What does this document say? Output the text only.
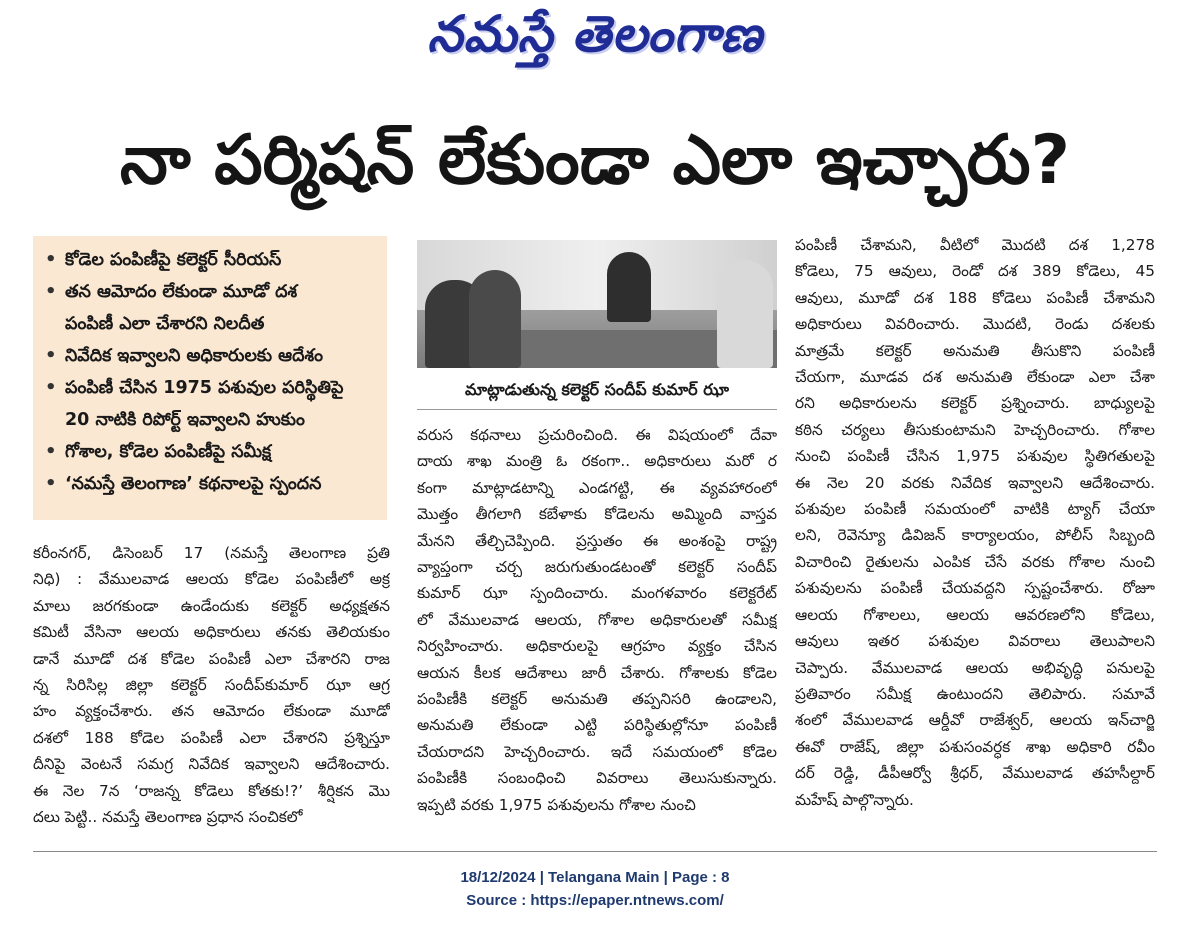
నమస్తే తెలంగాణ
నా పర్మిషన్ లేకుండా ఎలా ఇచ్చారు?
• కోడెల పంపిణీపై కలెక్టర్ సీరియస్
• తన ఆమోదం లేకుండా మూడో దశ
పంపిణీ ఎలా చేశారని నిలదీత
• నివేదిక ఇవ్వాలని అధికారులకు ఆదేశం
• పంపిణీ చేసిన 1975 పశువుల పరిస్థితిపై
20 నాటికి రిపోర్ట్ ఇవ్వాలని హుకుం
• గోశాల, కోడెల పంపిణీపై సమీక్ష
• ‘నమస్తే తెలంగాణ’ కథనాలపై స్పందన
మాట్లాడుతున్న కలెక్టర్ సందీప్ కుమార్ ఝా
కరీంనగర్, డిసెంబర్ 17 (నమస్తే తెలంగాణ ప్రతి
నిధి) : వేములవాడ ఆలయ కోడెల పంపిణీలో అక్ర
మాలు జరగకుండా ఉండేందుకు కలెక్టర్ అధ్యక్షతన
కమిటీ వేసినా ఆలయ అధికారులు తనకు తెలియకుం
డానే మూడో దశ కోడెల పంపిణీ ఎలా చేశారని రాజ
న్న సిరిసిల్ల జిల్లా కలెక్టర్ సందీప్‌కుమార్ ఝా ఆగ్ర
హం వ్యక్తంచేశారు. తన ఆమోదం లేకుండా మూడో
దశలో 188 కోడెల పంపిణీ ఎలా చేశారని ప్రశ్నిస్తూ
దీనిపై వెంటనే సమగ్ర నివేదిక ఇవ్వాలని ఆదేశించారు.
ఈ నెల 7న ‘రాజన్న కోడెలు కోతకు!?’ శీర్షికన మొ
దలు పెట్టి.. నమస్తే తెలంగాణ ప్రధాన సంచికలో
వరుస కథనాలు ప్రచురించింది. ఈ విషయంలో దేవా
దాయ శాఖ మంత్రి ఓ రకంగా.. అధికారులు మరో ర
కంగా మాట్లాడటాన్ని ఎండగట్టి, ఈ వ్యవహారంలో
మొత్తం తీగలాగి కబేళాకు కోడెలను అమ్మింది వాస్తవ
మేనని తేల్చిచెప్పింది. ప్రస్తుతం ఈ అంశంపై రాష్ట్ర
వ్యాప్తంగా చర్చ జరుగుతుండటంతో కలెక్టర్ సందీప్
కుమార్ ఝా స్పందించారు. మంగళవారం కలెక్టరేట్
లో వేములవాడ ఆలయ, గోశాల అధికారులతో సమీక్ష
నిర్వహించారు. అధికారులపై ఆగ్రహం వ్యక్తం చేసిన
ఆయన కీలక ఆదేశాలు జారీ చేశారు. గోశాలకు కోడెల
పంపిణీకి కలెక్టర్ అనుమతి తప్పనిసరి ఉండాలని,
అనుమతి లేకుండా ఎట్టి పరిస్థితుల్లోనూ పంపిణీ
చేయరాదని హెచ్చరించారు. ఇదే సమయంలో కోడెల
పంపిణీకి సంబంధించి వివరాలు తెలుసుకున్నారు.
ఇప్పటి వరకు 1,975 పశువులను గోశాల నుంచి
పంపిణీ చేశామని, వీటిలో మొదటి దశ 1,278
కోడెలు, 75 ఆవులు, రెండో దశ 389 కోడెలు, 45
ఆవులు, మూడో దశ 188 కోడెలు పంపిణీ చేశామని
అధికారులు వివరించారు. మొదటి, రెండు దశలకు
మాత్రమే కలెక్టర్ అనుమతి తీసుకొని పంపిణీ
చేయగా, మూడవ దశ అనుమతి లేకుండా ఎలా చేశా
రని అధికారులను కలెక్టర్ ప్రశ్నించారు. బాధ్యులపై
కఠిన చర్యలు తీసుకుంటామని హెచ్చరించారు. గోశాల
నుంచి పంపిణీ చేసిన 1,975 పశువుల స్థితిగతులపై
ఈ నెల 20 వరకు నివేదిక ఇవ్వాలని ఆదేశించారు.
పశువుల పంపిణీ సమయంలో వాటికి ట్యాగ్ చేయా
లని, రెవెన్యూ డివిజన్ కార్యాలయం, పోలీస్ సిబ్బంది
విచారించి రైతులను ఎంపిక చేసే వరకు గోశాల నుంచి
పశువులను పంపిణీ చేయవద్దని స్పష్టంచేశారు. రోజూ
ఆలయ గోశాలలు, ఆలయ ఆవరణలోని కోడెలు,
ఆవులు ఇతర పశువుల వివరాలు తెలుపాలని
చెప్పారు. వేములవాడ ఆలయ అభివృద్ధి పనులపై
ప్రతివారం సమీక్ష ఉంటుందని తెలిపారు. సమావే
శంలో వేములవాడ ఆర్డీవో రాజేశ్వర్, ఆలయ ఇన్‌చార్జి
ఈవో రాజేష్, జిల్లా పశుసంవర్ధక శాఖ అధికారి రవీం
దర్ రెడ్డి, డీపీఆర్వో శ్రీధర్, వేములవాడ తహసీల్దార్
మహేష్ పాల్గొన్నారు.
18/12/2024 | Telangana Main | Page : 8
Source : https://epaper.ntnews.com/
